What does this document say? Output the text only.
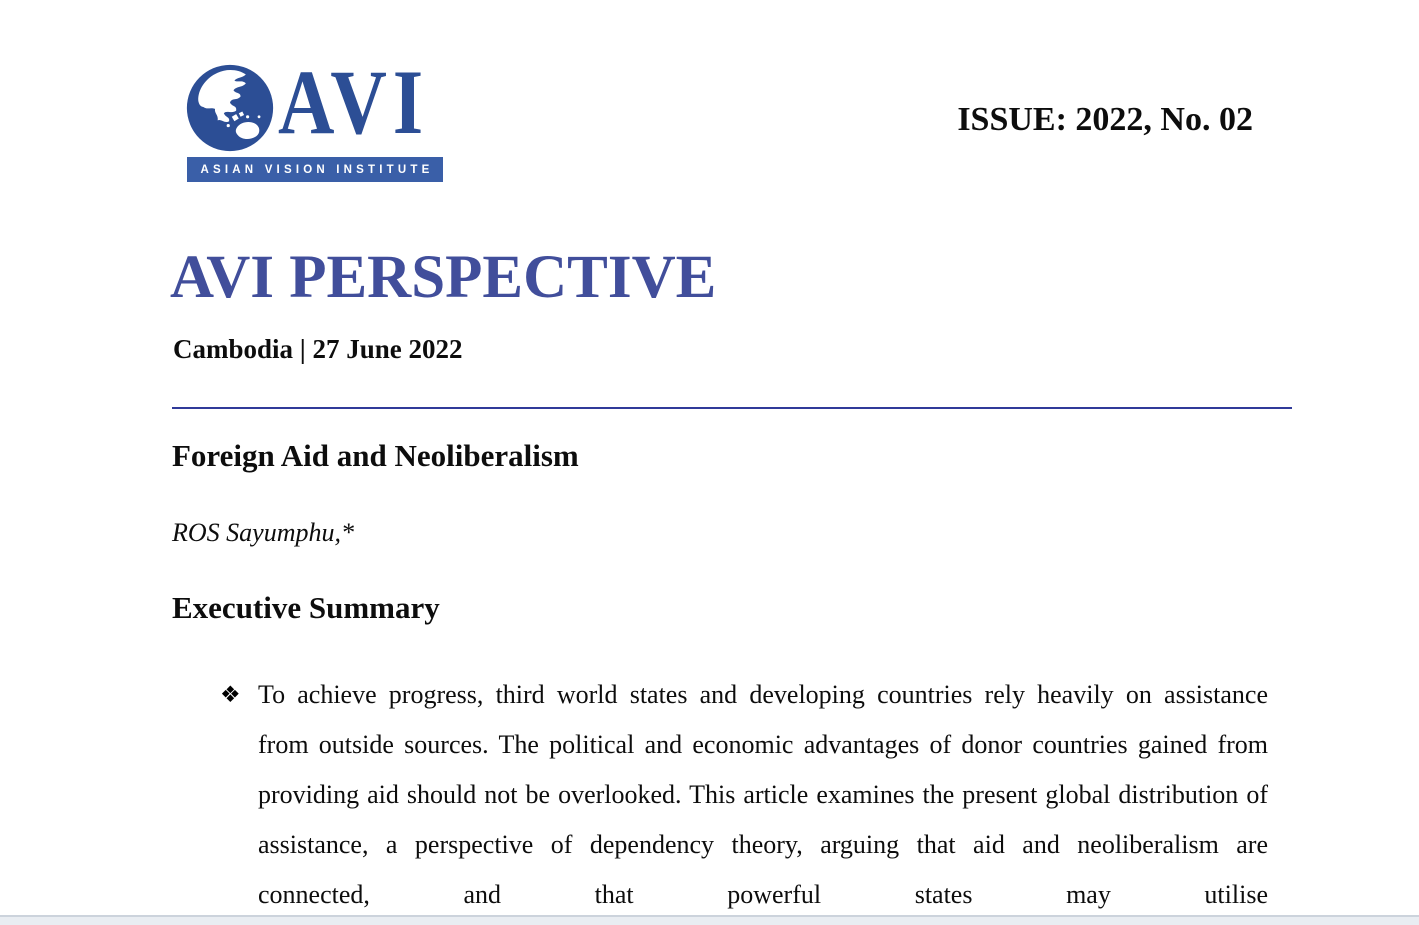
AVI
ASIAN VISION INSTITUTE
ISSUE: 2022, No. 02
AVI PERSPECTIVE
Cambodia | 27 June 2022
Foreign Aid and Neoliberalism
ROS Sayumphu,*
Executive Summary
❖ To achieve progress, third world states and developing countries rely heavily on assistance from outside sources. The political and economic advantages of donor countries gained from providing aid should not be overlooked. This article examines the present global distribution of assistance, a perspective of dependency theory, arguing that aid and neoliberalism are connected, and that powerful states may utilise
